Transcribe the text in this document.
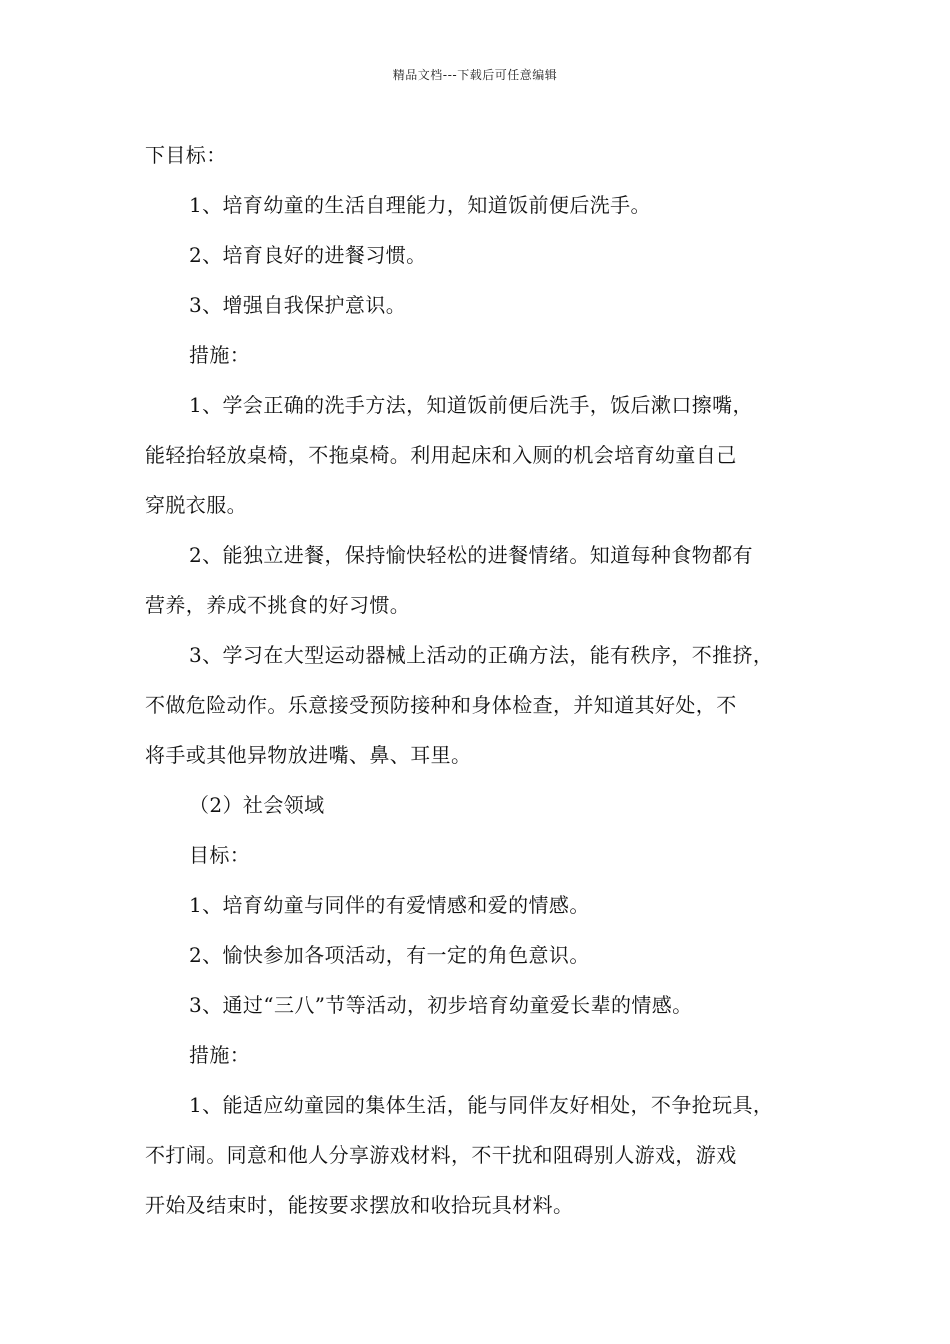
精品文档---下载后可任意编辑
下目标：
1、培育幼童的生活自理能力，知道饭前便后洗手。
2、培育良好的进餐习惯。
3、增强自我保护意识。
措施：
1、学会正确的洗手方法，知道饭前便后洗手，饭后漱口擦嘴，
能轻抬轻放桌椅，不拖桌椅。利用起床和入厕的机会培育幼童自己
穿脱衣服。
2、能独立进餐，保持愉快轻松的进餐情绪。知道每种食物都有
营养，养成不挑食的好习惯。
3、学习在大型运动器械上活动的正确方法，能有秩序，不推挤，
不做危险动作。乐意接受预防接种和身体检查，并知道其好处，不
将手或其他异物放进嘴、鼻、耳里。
（2）社会领域
目标：
1、培育幼童与同伴的有爱情感和爱的情感。
2、愉快参加各项活动，有一定的角色意识。
3、通过“三八”节等活动，初步培育幼童爱长辈的情感。
措施：
1、能适应幼童园的集体生活，能与同伴友好相处，不争抢玩具，
不打闹。同意和他人分享游戏材料，不干扰和阻碍别人游戏，游戏
开始及结束时，能按要求摆放和收拾玩具材料。
